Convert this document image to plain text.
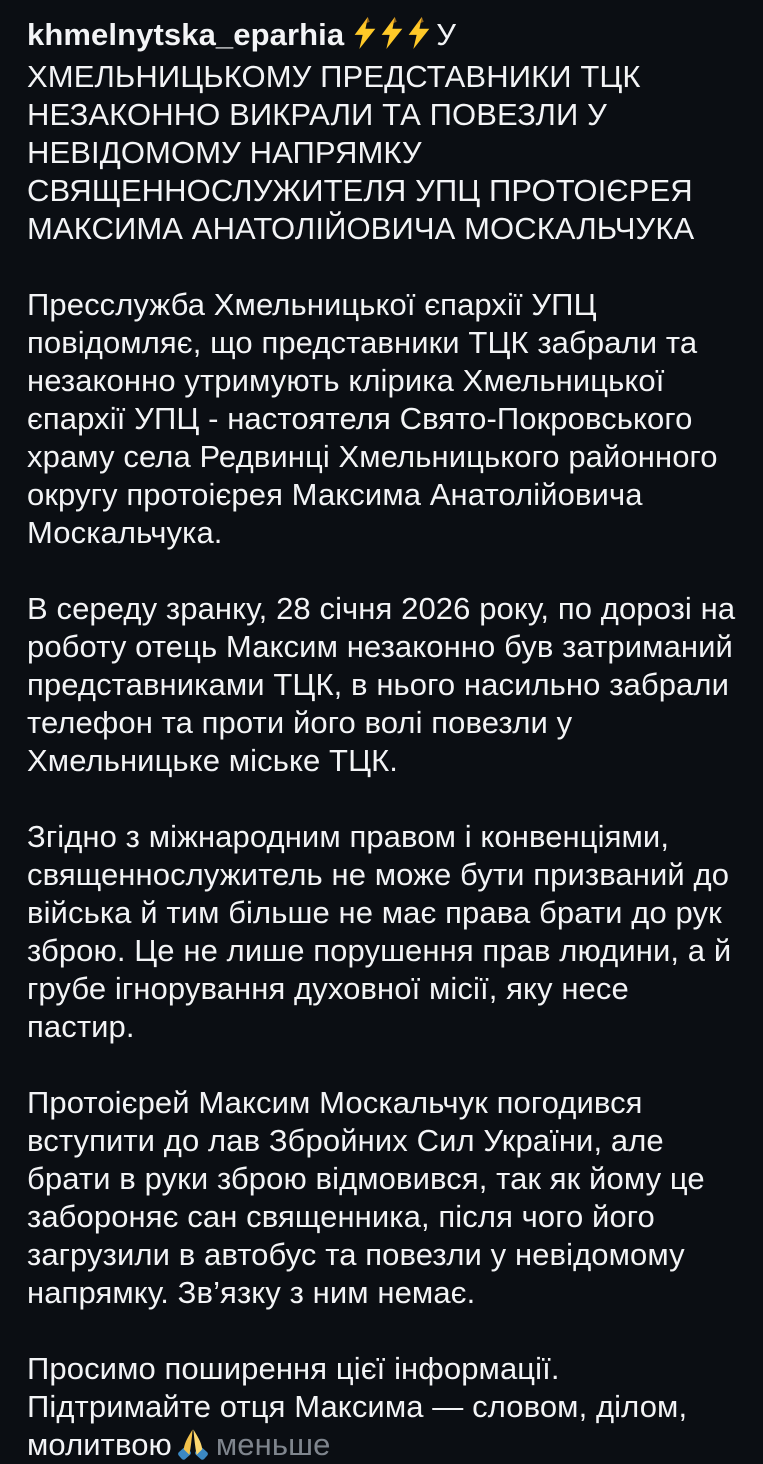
khmelnytska_eparhia	У ХМЕЛЬНИЦЬКОМУ ПРЕДСТАВНИКИ ТЦК НЕЗАКОННО ВИКРАЛИ ТА ПОВЕЗЛИ У НЕВІДОМОМУ НАПРЯМКУ СВЯЩЕННОСЛУЖИТЕЛЯ УПЦ ПРОТОІЄРЕЯ МАКСИМА АНАТОЛІЙОВИЧА МОСКАЛЬЧУКА

Пресслужба Хмельницької єпархії УПЦ повідомляє, що представники ТЦК забрали та незаконно утримують клірика Хмельницької єпархії УПЦ - настоятеля Свято-Покровського храму села Редвинці Хмельницького районного округу протоієрея Максима Анатолійовича Москальчука.

В середу зранку, 28 січня 2026 року, по дорозі на роботу отець Максим незаконно був затриманий представниками ТЦК, в нього насильно забрали телефон та проти його волі повезли у Хмельницьке міське ТЦК.

Згідно з міжнародним правом і конвенціями, священнослужитель не може бути призваний до війська й тим більше не має права брати до рук зброю. Це не лише порушення прав людини, а й грубе ігнорування духовної місії, яку несе пастир.

Протоієрей Максим Москальчук погодився вступити до лав Збройних Сил України, але брати в руки зброю відмовився, так як йому це забороняє сан священника, після чого його загрузили в автобус та повезли у невідомому напрямку. Зв’язку з ним немає.

Просимо поширення цієї інформації. Підтримайте отця Максима — словом, ділом, молитвою меньше
